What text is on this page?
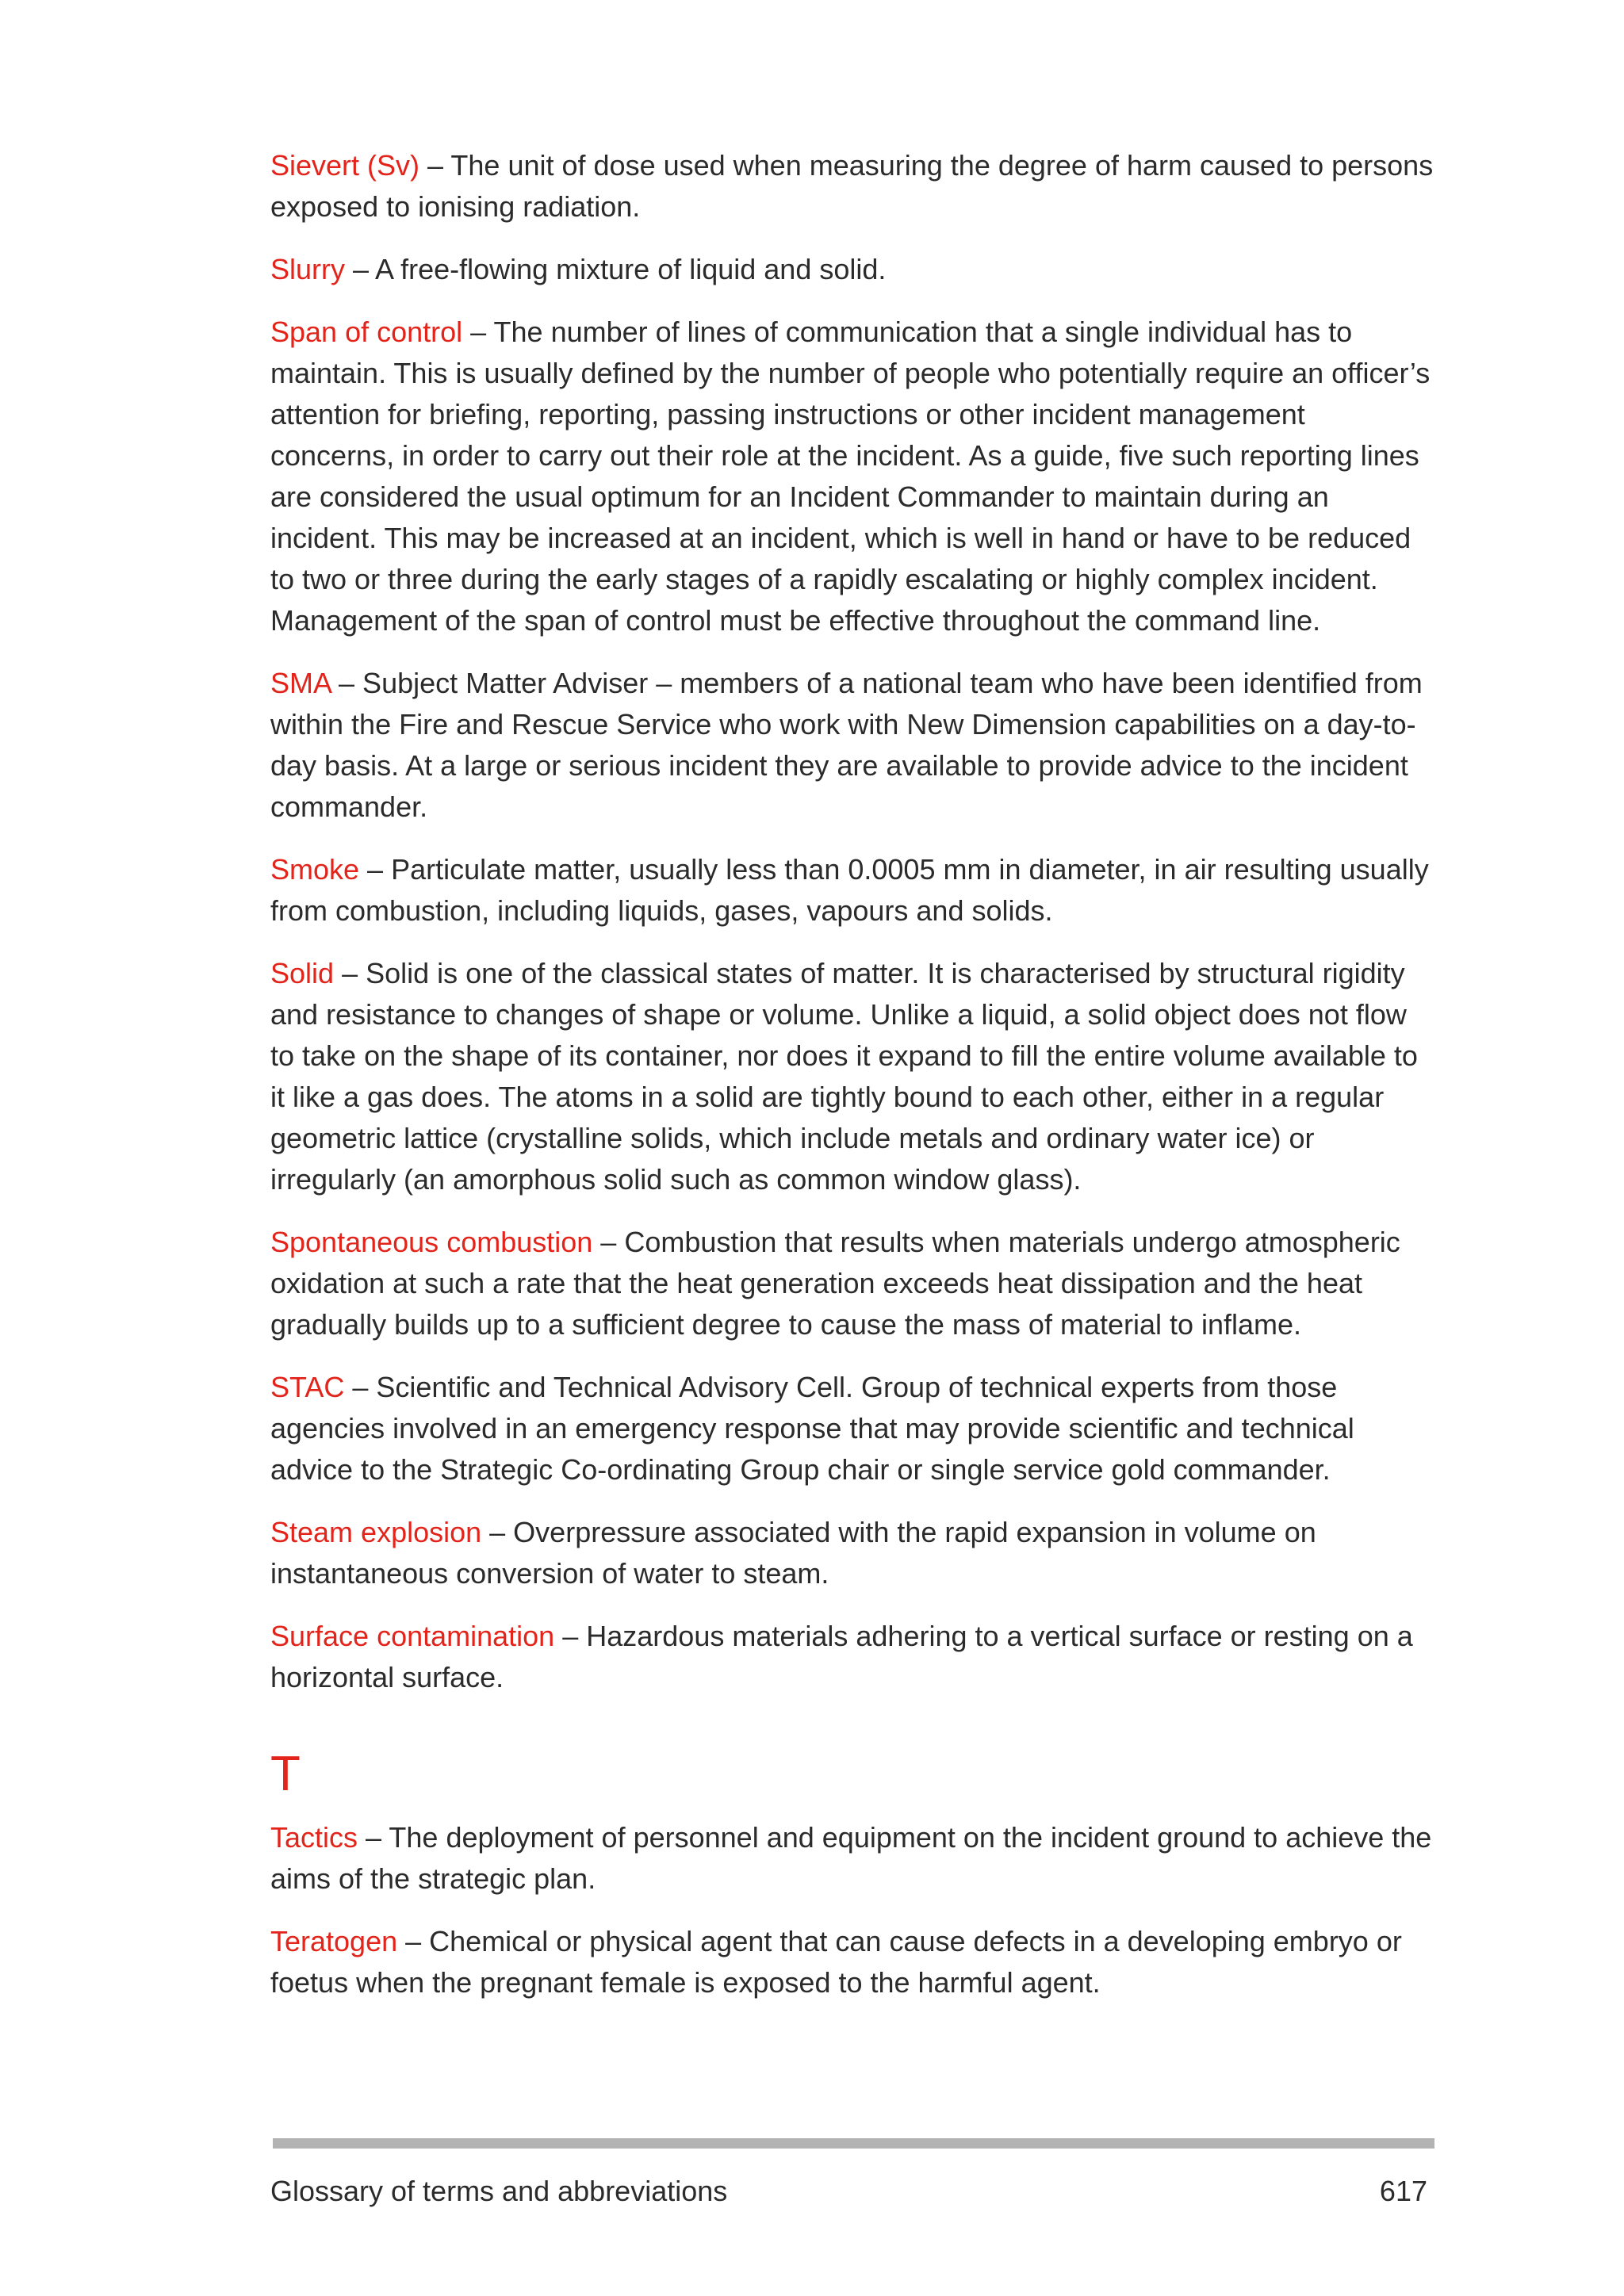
Sievert (Sv) – The unit of dose used when measuring the degree of harm caused to persons exposed to ionising radiation.

Slurry – A free-flowing mixture of liquid and solid.

Span of control – The number of lines of communication that a single individual has to maintain. This is usually defined by the number of people who potentially require an officer’s attention for briefing, reporting, passing instructions or other incident management concerns, in order to carry out their role at the incident. As a guide, five such reporting lines are considered the usual optimum for an Incident Commander to maintain during an incident. This may be increased at an incident, which is well in hand or have to be reduced to two or three during the early stages of a rapidly escalating or highly complex incident. Management of the span of control must be effective throughout the command line.

SMA – Subject Matter Adviser – members of a national team who have been identified from within the Fire and Rescue Service who work with New Dimension capabilities on a day-to-day basis. At a large or serious incident they are available to provide advice to the incident commander.

Smoke – Particulate matter, usually less than 0.0005 mm in diameter, in air resulting usually from combustion, including liquids, gases, vapours and solids.

Solid – Solid is one of the classical states of matter. It is characterised by structural rigidity and resistance to changes of shape or volume. Unlike a liquid, a solid object does not flow to take on the shape of its container, nor does it expand to fill the entire volume available to it like a gas does. The atoms in a solid are tightly bound to each other, either in a regular geometric lattice (crystalline solids, which include metals and ordinary water ice) or irregularly (an amorphous solid such as common window glass).

Spontaneous combustion – Combustion that results when materials undergo atmospheric oxidation at such a rate that the heat generation exceeds heat dissipation and the heat gradually builds up to a sufficient degree to cause the mass of material to inflame.

STAC – Scientific and Technical Advisory Cell. Group of technical experts from those agencies involved in an emergency response that may provide scientific and technical advice to the Strategic Co-ordinating Group chair or single service gold commander.

Steam explosion – Overpressure associated with the rapid expansion in volume on instantaneous conversion of water to steam.

Surface contamination – Hazardous materials adhering to a vertical surface or resting on a horizontal surface.

T

Tactics – The deployment of personnel and equipment on the incident ground to achieve the aims of the strategic plan.

Teratogen – Chemical or physical agent that can cause defects in a developing embryo or foetus when the pregnant female is exposed to the harmful agent.

Glossary of terms and abbreviations	617
